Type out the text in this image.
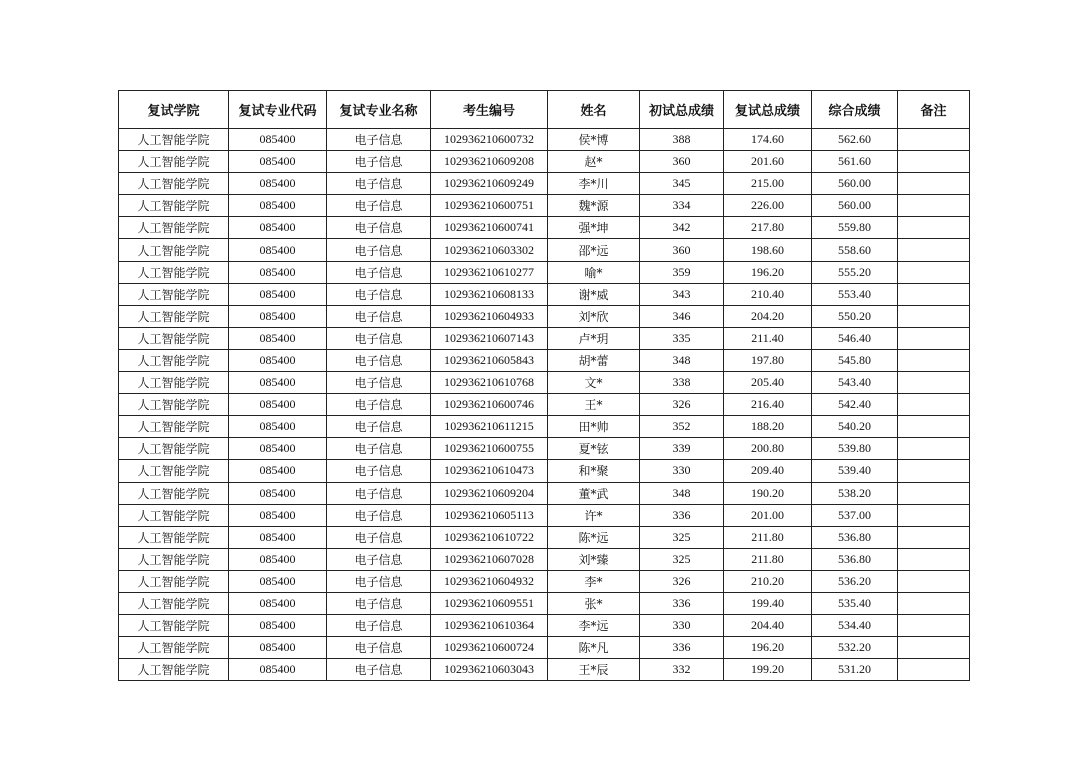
复试学院	复试专业代码	复试专业名称	考生编号	姓名	初试总成绩	复试总成绩	综合成绩	备注
人工智能学院	085400	电子信息	102936210600732	侯*博	388	174.60	562.60	
人工智能学院	085400	电子信息	102936210609208	赵*	360	201.60	561.60	
人工智能学院	085400	电子信息	102936210609249	李*川	345	215.00	560.00	
人工智能学院	085400	电子信息	102936210600751	魏*源	334	226.00	560.00	
人工智能学院	085400	电子信息	102936210600741	强*坤	342	217.80	559.80	
人工智能学院	085400	电子信息	102936210603302	邵*远	360	198.60	558.60	
人工智能学院	085400	电子信息	102936210610277	喻*	359	196.20	555.20	
人工智能学院	085400	电子信息	102936210608133	谢*威	343	210.40	553.40	
人工智能学院	085400	电子信息	102936210604933	刘*欣	346	204.20	550.20	
人工智能学院	085400	电子信息	102936210607143	卢*玥	335	211.40	546.40	
人工智能学院	085400	电子信息	102936210605843	胡*蕾	348	197.80	545.80	
人工智能学院	085400	电子信息	102936210610768	文*	338	205.40	543.40	
人工智能学院	085400	电子信息	102936210600746	王*	326	216.40	542.40	
人工智能学院	085400	电子信息	102936210611215	田*帅	352	188.20	540.20	
人工智能学院	085400	电子信息	102936210600755	夏*铉	339	200.80	539.80	
人工智能学院	085400	电子信息	102936210610473	和*聚	330	209.40	539.40	
人工智能学院	085400	电子信息	102936210609204	董*武	348	190.20	538.20	
人工智能学院	085400	电子信息	102936210605113	许*	336	201.00	537.00	
人工智能学院	085400	电子信息	102936210610722	陈*远	325	211.80	536.80	
人工智能学院	085400	电子信息	102936210607028	刘*臻	325	211.80	536.80	
人工智能学院	085400	电子信息	102936210604932	李*	326	210.20	536.20	
人工智能学院	085400	电子信息	102936210609551	张*	336	199.40	535.40	
人工智能学院	085400	电子信息	102936210610364	李*远	330	204.40	534.40	
人工智能学院	085400	电子信息	102936210600724	陈*凡	336	196.20	532.20	
人工智能学院	085400	电子信息	102936210603043	王*辰	332	199.20	531.20	
